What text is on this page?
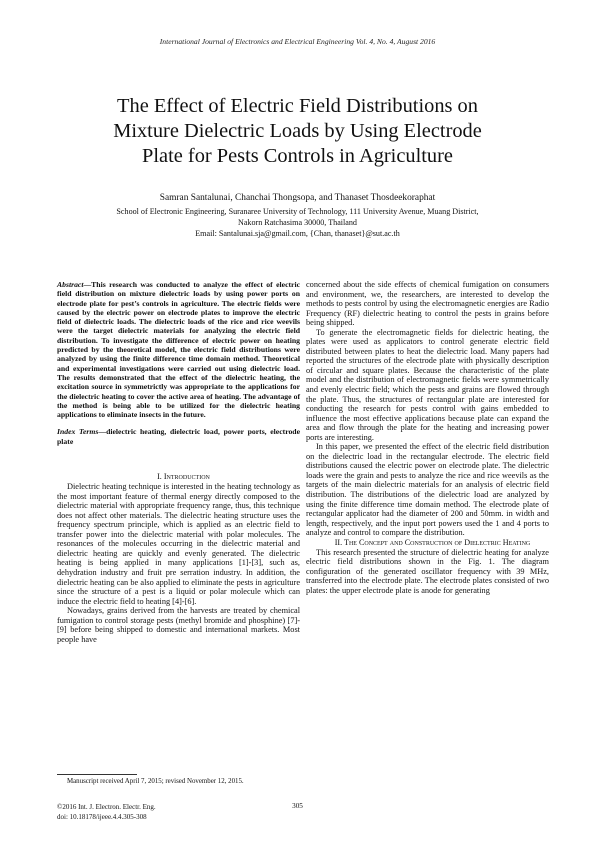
International Journal of Electronics and Electrical Engineering Vol. 4, No. 4, August 2016
The Effect of Electric Field Distributions on
Mixture Dielectric Loads by Using Electrode
Plate for Pests Controls in Agriculture
Samran Santalunai, Chanchai Thongsopa, and Thanaset Thosdeekoraphat
School of Electronic Engineering, Suranaree University of Technology, 111 University Avenue, Muang District,
Nakorn Ratchasima 30000, Thailand
Email: Santalunai.sja@gmail.com, {Chan, thanaset}@sut.ac.th

Abstract—This research was conducted to analyze the effect of electric field distribution on mixture dielectric loads by using power ports on electrode plate for pest’s controls in agriculture. The electric fields were caused by the electric power on electrode plates to improve the electric field of dielectric loads. The dielectric loads of the rice and rice weevils were the target dielectric materials for analyzing the electric field distribution. To investigate the difference of electric power on heating predicted by the theoretical model, the electric field distributions were analyzed by using the finite difference time domain method. Theoretical and experimental investigations were carried out using dielectric load. The results demonstrated that the effect of the dielectric heating, the excitation source in symmetrictly was appropriate to the applications for the dielectric heating to cover the active area of heating. The advantage of the method is being able to be utilized for the dielectric heating applications to eliminate insects in the future.

Index Terms—dielectric heating, dielectric load, power ports, electrode plate

I. Introduction

Dielectric heating technique is interested in the heating technology as the most important feature of thermal energy directly composed to the dielectric material with appropriate frequency range, thus, this technique does not affect other materials. The dielectric heating structure uses the frequency spectrum principle, which is applied as an electric field to transfer power into the dielectric material with polar molecules. The resonances of the molecules occurring in the dielectric material and dielectric heating are quickly and evenly generated. The dielectric heating is being applied in many applications [1]-[3], such as, dehydration industry and fruit pre serration industry. In addition, the dielectric heating can be also applied to eliminate the pests in agriculture since the structure of a pest is a liquid or polar molecule which can induce the electric field to heating [4]-[6].

Nowadays, grains derived from the harvests are treated by chemical fumigation to control storage pests (methyl bromide and phosphine) [7]-[9] before being shipped to domestic and international markets. Most people have

concerned about the side effects of chemical fumigation on consumers and environment, we, the researchers, are interested to develop the methods to pests control by using the electromagnetic energies are Radio Frequency (RF) dielectric heating to control the pests in grains before being shipped.

To generate the electromagnetic fields for dielectric heating, the plates were used as applicators to control generate electric field distributed between plates to heat the dielectric load. Many papers had reported the structures of the electrode plate with physically description of circular and square plates. Because the characteristic of the plate model and the distribution of electromagnetic fields were symmetrically and evenly electric field; which the pests and grains are flowed through the plate. Thus, the structures of rectangular plate are interested for conducting the research for pests control with gains embedded to influence the most effective applications because plate can expand the area and flow through the plate for the heating and increasing power ports are interesting.

In this paper, we presented the effect of the electric field distribution on the dielectric load in the rectangular electrode. The electric field distributions caused the electric power on electrode plate. The dielectric loads were the grain and pests to analyze the rice and rice weevils as the targets of the main dielectric materials for an analysis of electric field distribution. The distributions of the dielectric load are analyzed by using the finite difference time domain method. The electrode plate of rectangular applicator had the diameter of 200 and 50mm. in width and length, respectively, and the input port powers used the 1 and 4 ports to analyze and control to compare the distribution.

II. The Concept and Construction of Dielectric Heating

This research presented the structure of dielectric heating for analyze electric field distributions shown in the Fig. 1. The diagram configuration of the generated oscillator frequency with 39 MHz, transferred into the electrode plate. The electrode plates consisted of two plates: the upper electrode plate is anode for generating

Manuscript received April 7, 2015; revised November 12, 2015.
©2016 Int. J. Electron. Electr. Eng.
doi: 10.18178/ijeee.4.4.305-308
305
